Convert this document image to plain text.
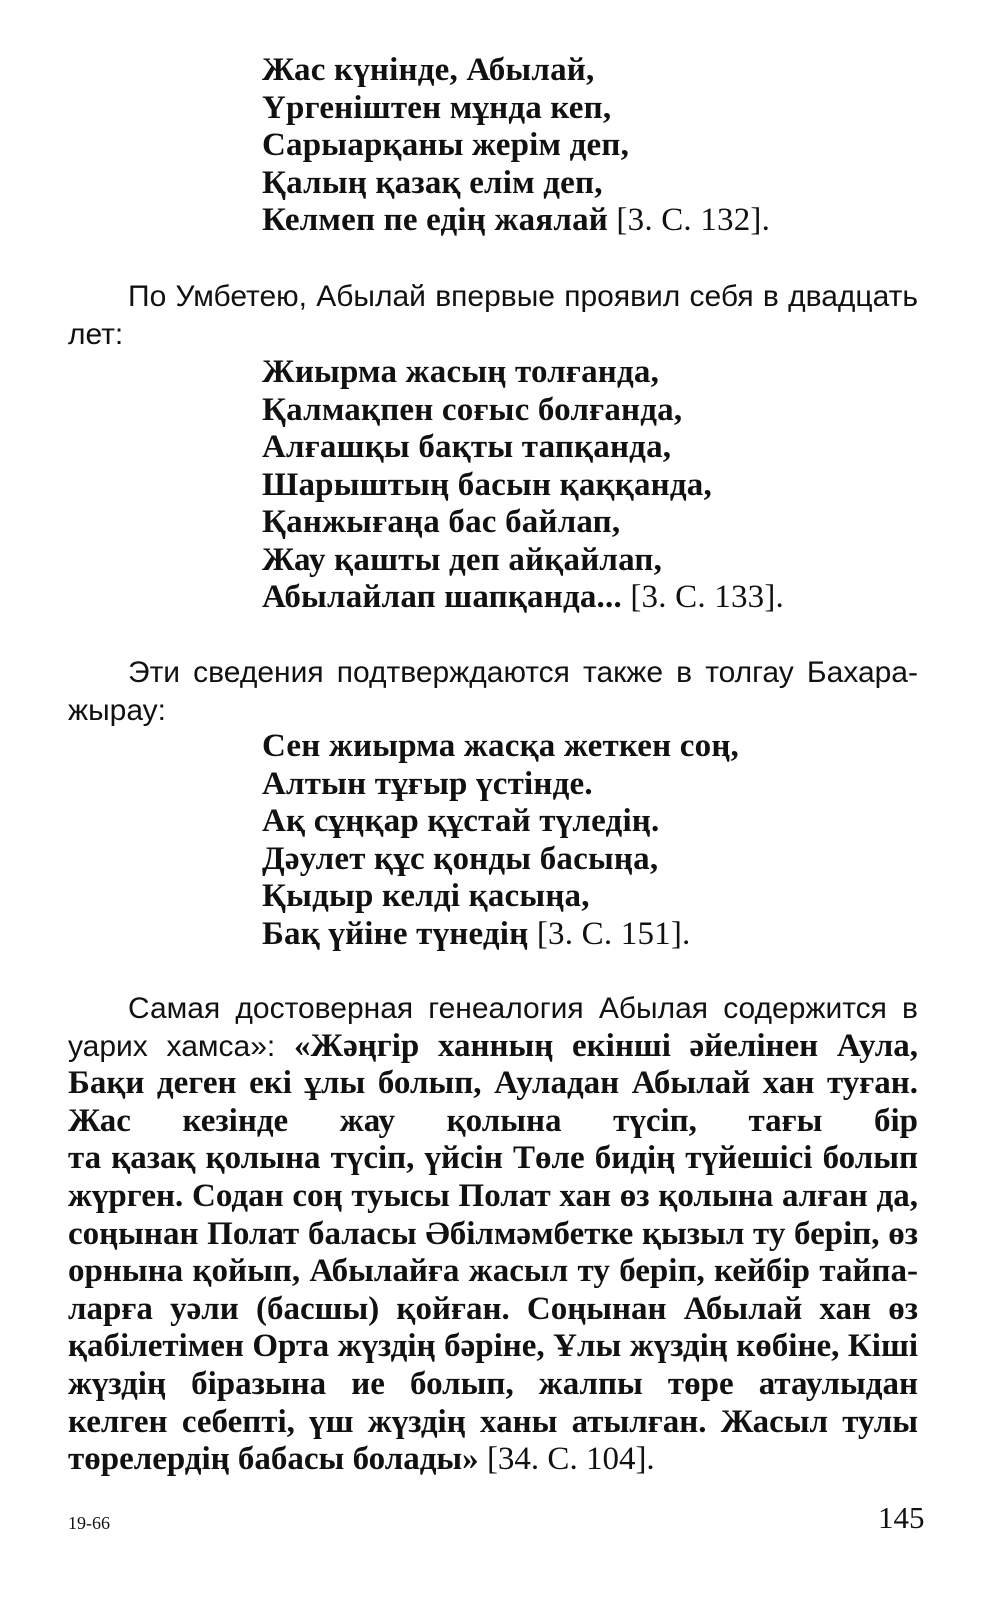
Жас күнінде, Абылай,
Үргеніштен мұнда кеп,
Сарыарқаны жерім деп,
Қалың қазақ елім деп,
Келмеп пе едің жаялай [3. С. 132].
По Умбетею, Абылай впервые проявил себя в двадцать
лет:
Жиырма жасың толғанда,
Қалмақпен соғыс болғанда,
Алғашқы бақты тапқанда,
Шарыштың басын қаққанда,
Қанжығаңа бас байлап,
Жау қашты деп айқайлап,
Абылайлап шапқанда... [3. С. 133].
Эти сведения подтверждаются также в толгау Бахара-
жырау:
Сен жиырма жасқа жеткен соң,
Алтын тұғыр үстінде.
Ақ сұңқар құстай түледің.
Дәулет құс қонды басыңа,
Қыдыр келді қасыңа,
Бақ үйіне түнедің [3. С. 151].
Самая достоверная генеалогия Абылая содержится в
уарих хамса»: «Жәңгір ханның екінші әйелінен Аула,
Бақи деген екі ұлы болып, Ауладан Абылай хан туған.
Жас кезінде жау қолына түсіп, тағы бір
та қазақ қолына түсіп, үйсін Төле бидің түйешісі болып
жүрген. Содан соң туысы Полат хан өз қолына алған да,
соңынан Полат баласы Әбілмәмбетке қызыл ту беріп, өз
орнына қойып, Абылайға жасыл ту беріп, кейбір тайпа-
ларға уәли (басшы) қойған. Соңынан Абылай хан өз
қабілетімен Орта жүздің бәріне, Ұлы жүздің көбіне, Кіші
жүздің біразына ие болып, жалпы төре атаулыдан
келген себепті, үш жүздің ханы атылған. Жасыл тулы
төрелердің бабасы болады» [34. С. 104].
19-66	145
